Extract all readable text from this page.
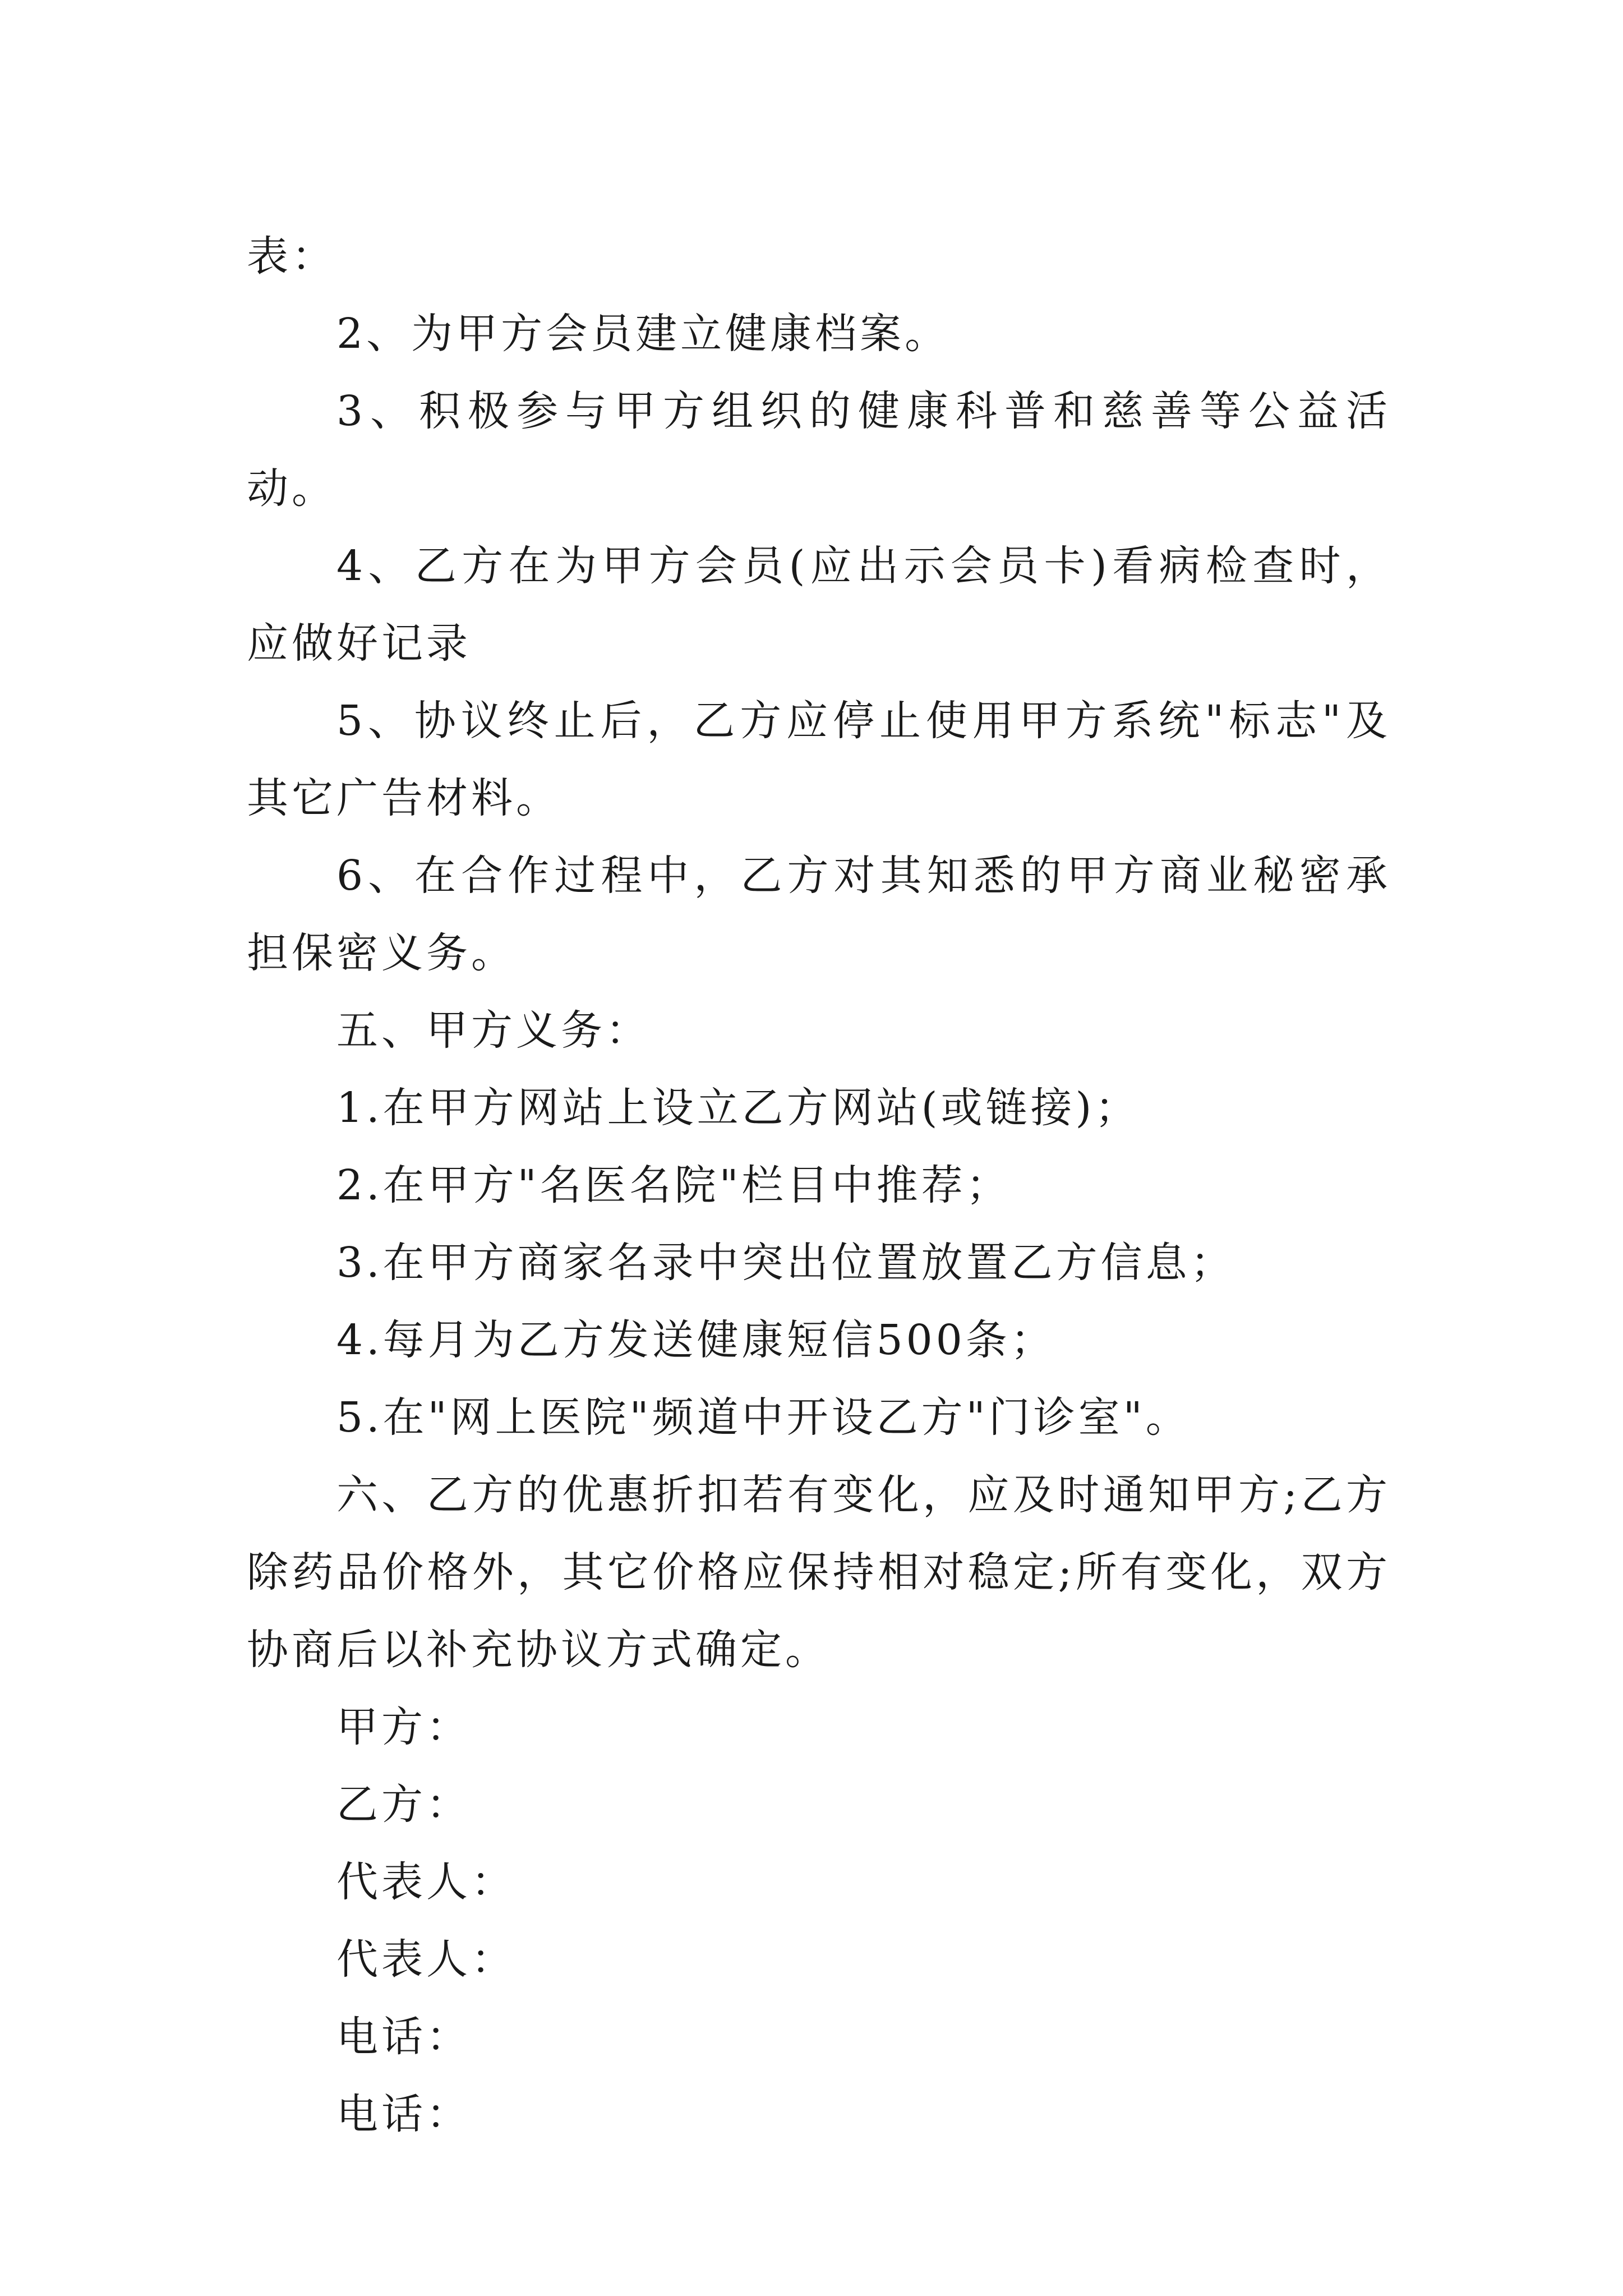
表：

2、为甲方会员建立健康档案。

3、积极参与甲方组织的健康科普和慈善等公益活动。

4、乙方在为甲方会员(应出示会员卡)看病检查时，应做好记录

5、协议终止后，乙方应停止使用甲方系统"标志"及其它广告材料。

6、在合作过程中，乙方对其知悉的甲方商业秘密承担保密义务。

五、甲方义务：

1.在甲方网站上设立乙方网站(或链接)；

2.在甲方"名医名院"栏目中推荐；

3.在甲方商家名录中突出位置放置乙方信息；

4.每月为乙方发送健康短信500条；

5.在"网上医院"频道中开设乙方"门诊室"。

六、乙方的优惠折扣若有变化，应及时通知甲方;乙方除药品价格外，其它价格应保持相对稳定;所有变化，双方协商后以补充协议方式确定。

甲方：

乙方：

代表人：

代表人：

电话：

电话：
